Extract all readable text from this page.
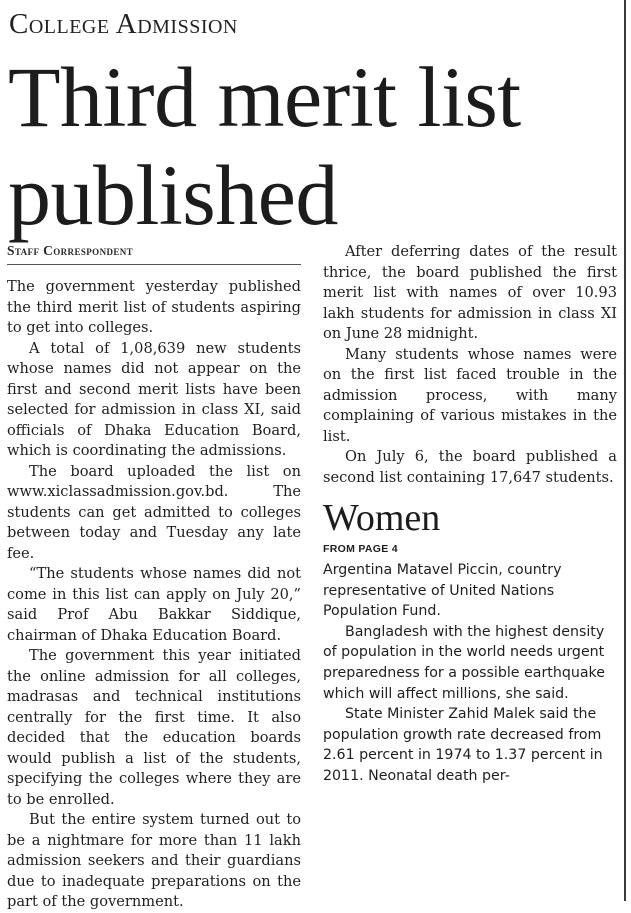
College Admission
Third merit list published
Staff Correspondent

The government yesterday published the third merit list of students aspiring to get into colleges.

A total of 1,08,639 new students whose names did not appear on the first and second merit lists have been selected for admission in class XI, said officials of Dhaka Education Board, which is coordinating the admissions.

The board uploaded the list on www.xiclassadmission.gov.bd. The students can get admitted to colleges between today and Tuesday any late fee.

“The students whose names did not come in this list can apply on July 20,” said Prof Abu Bakkar Siddique, chairman of Dhaka Education Board.

The government this year initiated the online admission for all colleges, madrasas and technical institutions centrally for the first time. It also decided that the education boards would publish a list of the students, specifying the colleges where they are to be enrolled.

But the entire system turned out to be a nightmare for more than 11 lakh admission seekers and their guardians due to inadequate preparations on the part of the government.

After deferring dates of the result thrice, the board published the first merit list with names of over 10.93 lakh students for admission in class XI on June 28 midnight.

Many students whose names were on the first list faced trouble in the admission process, with many complaining of various mistakes in the list.

On July 6, the board published a second list containing 17,647 students.

Women
FROM PAGE 4

Argentina Matavel Piccin, country representative of United Nations Population Fund.

Bangladesh with the highest density of population in the world needs urgent preparedness for a possible earthquake which will affect millions, she said.

State Minister Zahid Malek said the population growth rate decreased from 2.61 percent in 1974 to 1.37 percent in 2011. Neonatal death per-
